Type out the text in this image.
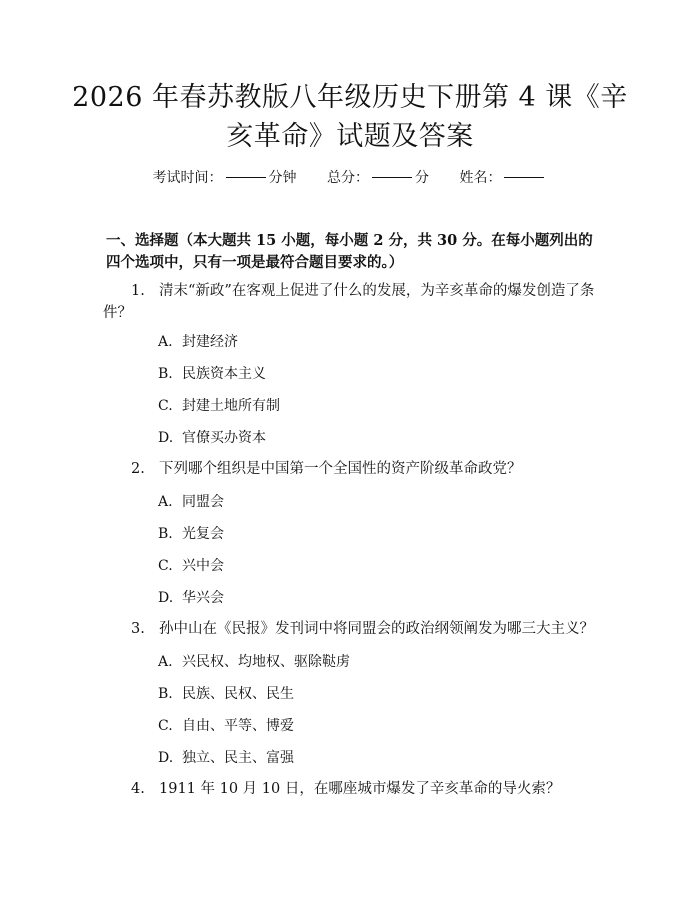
2026 年春苏教版八年级历史下册第 4 课《辛
亥革命》试题及答案
考试时间：	分钟 总分：	分 姓名：
一、选择题（本大题共 15 小题，每小题 2 分，共 30 分。在每小题列出的四个选项中，只有一项是最符合题目要求的。）
1. 清末“新政”在客观上促进了什么的发展，为辛亥革命的爆发创造了条
件？
A. 封建经济
B. 民族资本主义
C. 封建土地所有制
D. 官僚买办资本
2. 下列哪个组织是中国第一个全国性的资产阶级革命政党？
A. 同盟会
B. 光复会
C. 兴中会
D. 华兴会
3. 孙中山在《民报》发刊词中将同盟会的政治纲领阐发为哪三大主义？
A. 兴民权、均地权、驱除鞑虏
B. 民族、民权、民生
C. 自由、平等、博爱
D. 独立、民主、富强
4. 1911 年 10 月 10 日，在哪座城市爆发了辛亥革命的导火索？
